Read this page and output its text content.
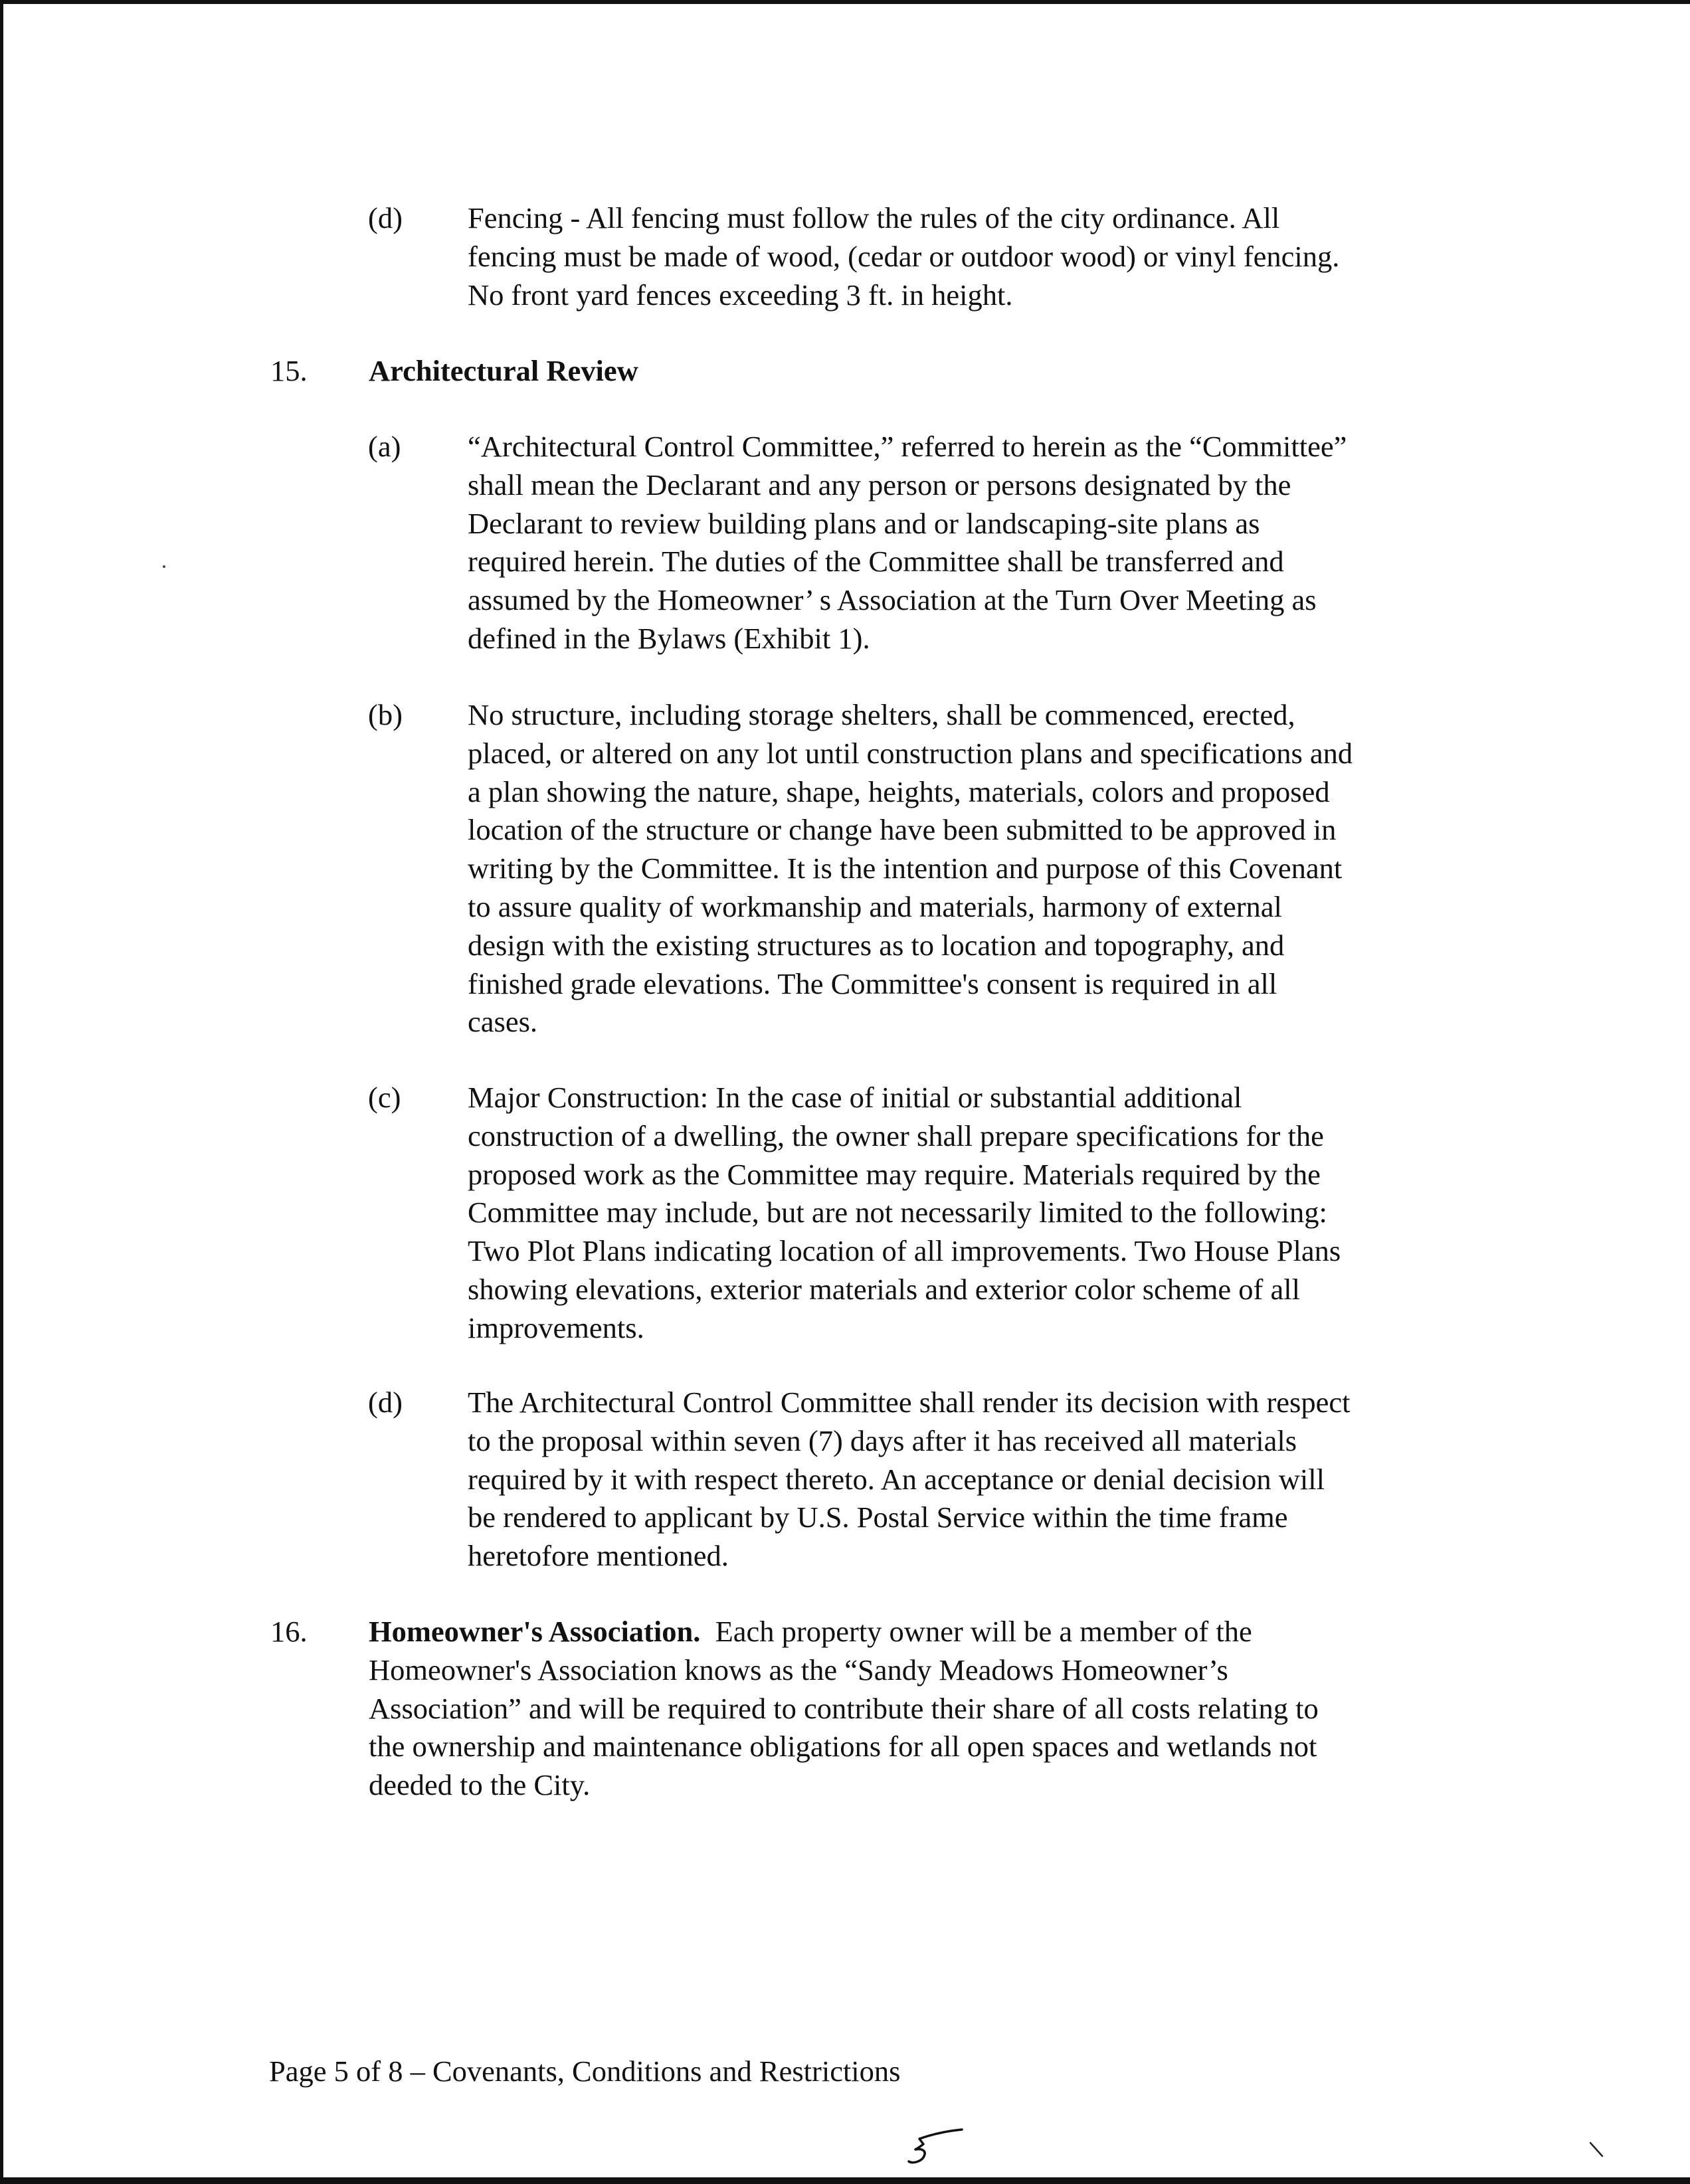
(d) Fencing - All fencing must follow the rules of the city ordinance. All
fencing must be made of wood, (cedar or outdoor wood) or vinyl fencing.
No front yard fences exceeding 3 ft. in height.
15. Architectural Review
(a) “Architectural Control Committee,” referred to herein as the “Committee”
shall mean the Declarant and any person or persons designated by the
Declarant to review building plans and or landscaping-site plans as
required herein. The duties of the Committee shall be transferred and
assumed by the Homeowner’ s Association at the Turn Over Meeting as
defined in the Bylaws (Exhibit 1).
(b) No structure, including storage shelters, shall be commenced, erected,
placed, or altered on any lot until construction plans and specifications and
a plan showing the nature, shape, heights, materials, colors and proposed
location of the structure or change have been submitted to be approved in
writing by the Committee. It is the intention and purpose of this Covenant
to assure quality of workmanship and materials, harmony of external
design with the existing structures as to location and topography, and
finished grade elevations. The Committee's consent is required in all
cases.
(c) Major Construction: In the case of initial or substantial additional
construction of a dwelling, the owner shall prepare specifications for the
proposed work as the Committee may require. Materials required by the
Committee may include, but are not necessarily limited to the following:
Two Plot Plans indicating location of all improvements. Two House Plans
showing elevations, exterior materials and exterior color scheme of all
improvements.
(d) The Architectural Control Committee shall render its decision with respect
to the proposal within seven (7) days after it has received all materials
required by it with respect thereto. An acceptance or denial decision will
be rendered to applicant by U.S. Postal Service within the time frame
heretofore mentioned.
16. Homeowner's Association.  Each property owner will be a member of the
Homeowner's Association knows as the “Sandy Meadows Homeowner’s
Association” and will be required to contribute their share of all costs relating to
the ownership and maintenance obligations for all open spaces and wetlands not
deeded to the City.
Page 5 of 8 – Covenants, Conditions and Restrictions
